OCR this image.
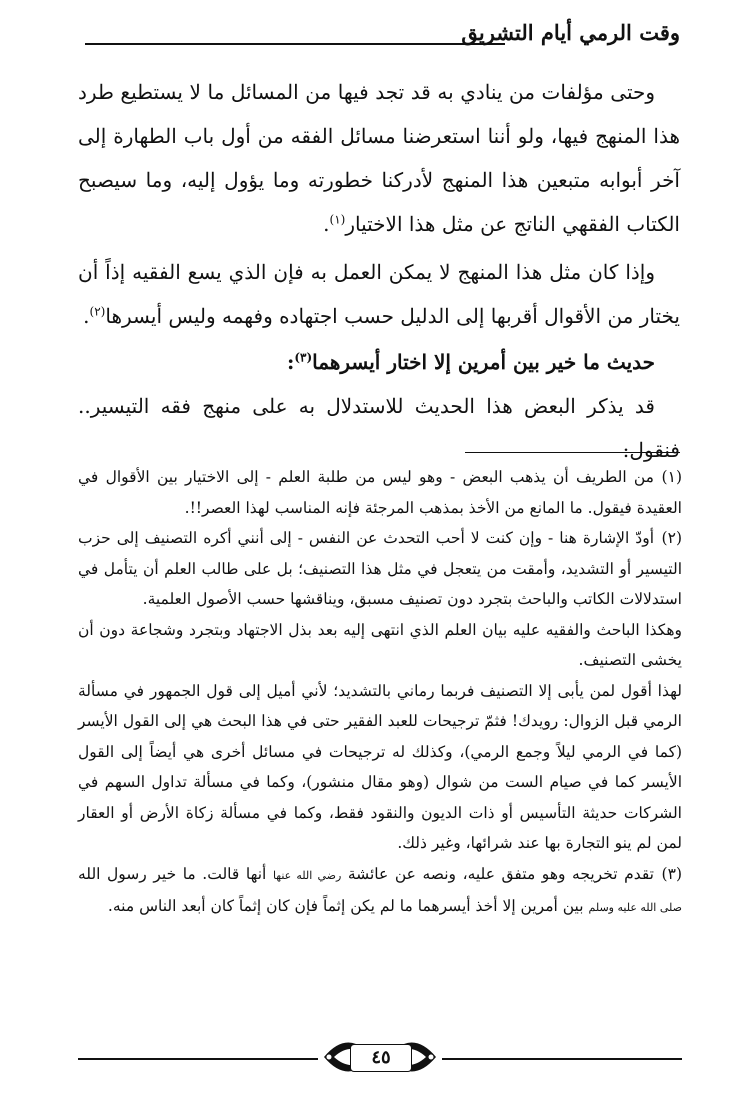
وقت الرمي أيام التشريق

وحتى مؤلفات من ينادي به قد تجد فيها من المسائل ما لا يستطيع طرد هذا المنهج فيها، ولو أننا استعرضنا مسائل الفقه من أول باب الطهارة إلى آخر أبوابه متبعين هذا المنهج لأدركنا خطورته وما يؤول إليه، وما سيصبح الكتاب الفقهي الناتج عن مثل هذا الاختيار$^{(١)}$.

وإذا كان مثل هذا المنهج لا يمكن العمل به فإن الذي يسع الفقيه إذاً أن يختار من الأقوال أقربها إلى الدليل حسب اجتهاده وفهمه وليس أيسرها$^{(٢)}$.

حديث ما خير بين أمرين إلا اختار أيسرهما$^{(٣)}$:

قد يذكر البعض هذا الحديث للاستدلال به على منهج فقه التيسير.. فنقول:

(١)من الطريف أن يذهب البعض - وهو ليس من طلبة العلم - إلى الاختيار بين الأقوال في العقيدة فيقول. ما المانع من الأخذ بمذهب المرجئة فإنه المناسب لهذا العصر!!.

(٢)أودّ الإشارة هنا - وإن كنت لا أحب التحدث عن النفس - إلى أنني أكره التصنيف إلى حزب التيسير أو التشديد، وأمقت من يتعجل في مثل هذا التصنيف؛ بل على طالب العلم أن يتأمل في استدلالات الكاتب والباحث بتجرد دون تصنيف مسبق، ويناقشها حسب الأصول العلمية.

وهكذا الباحث والفقيه عليه بيان العلم الذي انتهى إليه بعد بذل الاجتهاد وبتجرد وشجاعة دون أن يخشى التصنيف.

لهذا أقول لمن يأبى إلا التصنيف فربما رماني بالتشديد؛ لأني أميل إلى قول الجمهور في مسألة الرمي قبل الزوال: رويدك! فثمّ ترجيحات للعبد الفقير حتى في هذا البحث هي إلى القول الأيسر (كما في الرمي ليلاً وجمع الرمي)، وكذلك له ترجيحات في مسائل أخرى هي أيضاً إلى القول الأيسر كما في صيام الست من شوال (وهو مقال منشور)، وكما في مسألة تداول السهم في الشركات حديثة التأسيس أو ذات الديون والنقود فقط، وكما في مسألة زكاة الأرض أو العقار لمن لم ينو التجارة بها عند شرائها، وغير ذلك.

(٣)تقدم تخريجه وهو متفق عليه، ونصه عن عائشة رضي الله عنها أنها قالت. ما خير رسول الله صلى الله عليه وسلم بين أمرين إلا أخذ أيسرهما ما لم يكن إثماً فإن كان إثماً كان أبعد الناس منه.

٤٥
